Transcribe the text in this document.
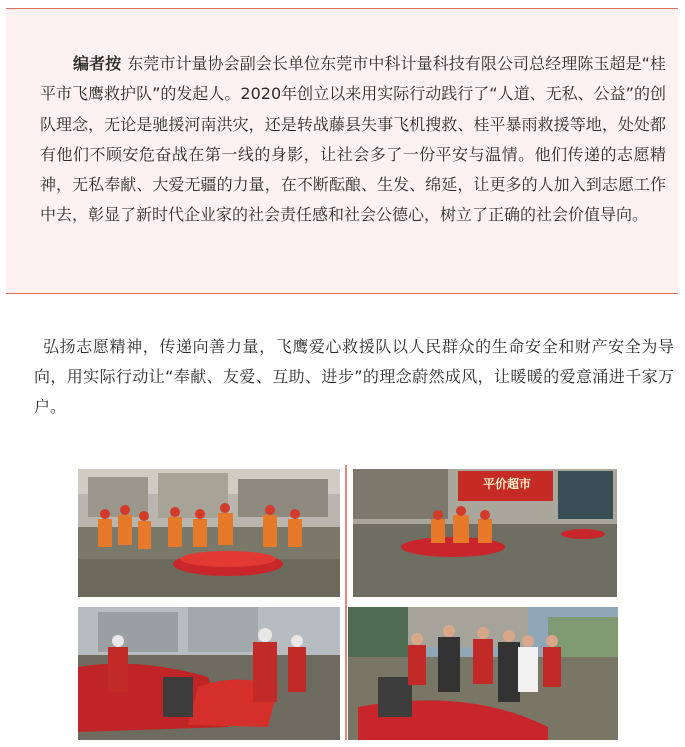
编者按 东莞市计量协会副会长单位东莞市中科计量科技有限公司总经理陈玉超是“桂平市飞鹰救护队”的发起人。2020年创立以来用实际行动践行了“人道、无私、公益”的创队理念，无论是驰援河南洪灾，还是转战藤县失事飞机搜救、桂平暴雨救援等地，处处都有他们不顾安危奋战在第一线的身影，让社会多了一份平安与温情。他们传递的志愿精神，无私奉献、大爱无疆的力量，在不断酝酿、生发、绵延，让更多的人加入到志愿工作中去，彰显了新时代企业家的社会责任感和社会公德心，树立了正确的社会价值导向。

弘扬志愿精神，传递向善力量，飞鹰爱心救援队以人民群众的生命安全和财产安全为导向，用实际行动让“奉献、友爱、互助、进步”的理念蔚然成风，让暖暖的爱意涌进千家万户。

平价超市
